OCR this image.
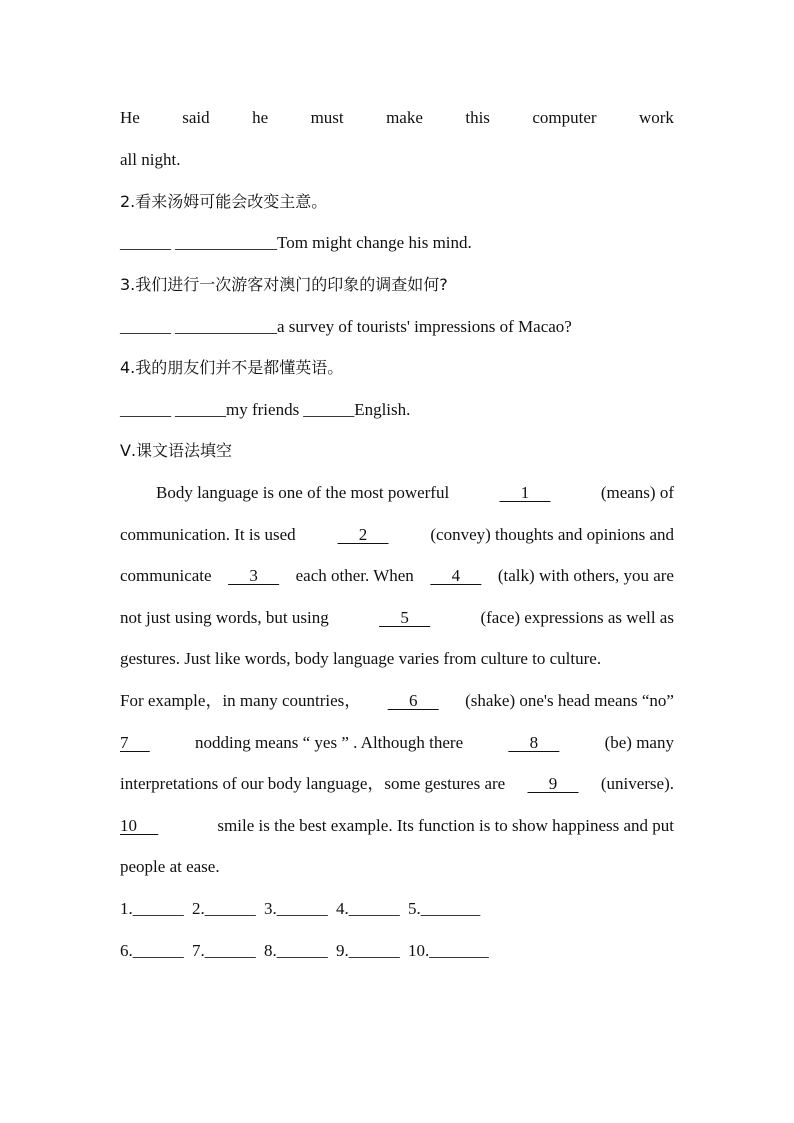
He said he must make this computer work
all night.
2.看来汤姆可能会改变主意。
______ ____________Tom might change his mind.
3.我们进行一次游客对澳门的印象的调查如何?
______ ____________a survey of tourists' impressions of Macao?
4.我的朋友们并不是都懂英语。
______ ______my friends ______English.
Ⅴ.课文语法填空
Body language is one of the most powerful	1	(means) of
communication. It is used 2 (convey) thoughts and opinions and
communicate 3 each other. When 4 (talk) with others, you are
not just using words, but using	5	(face) expressions as well as
gestures. Just like words, body language varies from culture to culture.
For example，in many countries， 6 (shake) one's head means “no”
7	nodding means “ yes ” . Although there	8	(be) many
interpretations of our body language，some gestures are 9 (universe).
10	smile is the best example. Its function is to show happiness and put
people at ease.
1.______ 2.______ 3.______ 4.______ 5._______
6.______ 7.______ 8.______ 9.______ 10._______
